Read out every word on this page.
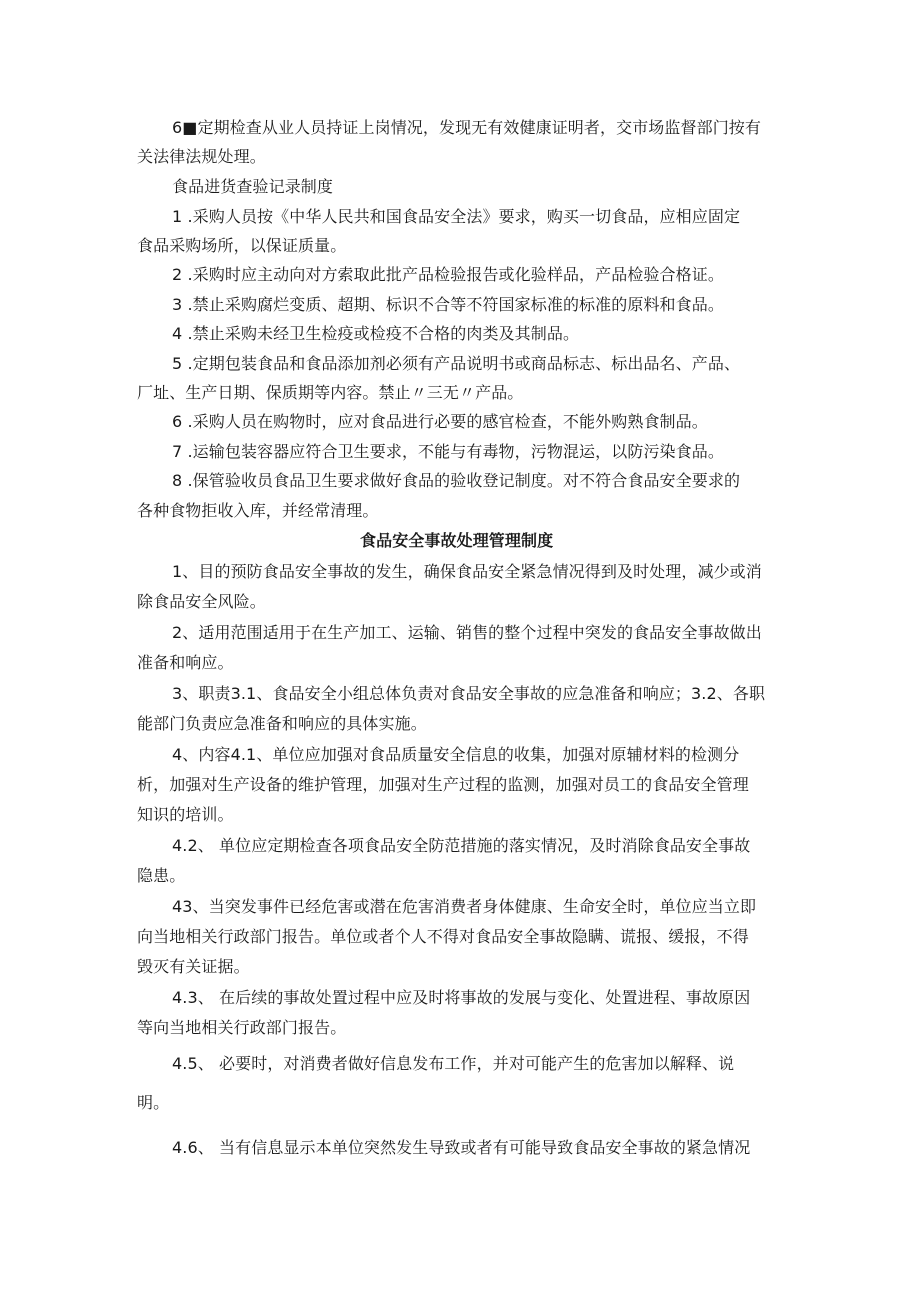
6■定期检查从业人员持证上岗情况，发现无有效健康证明者，交市场监督部门按有
关法律法规处理。
食品进货查验记录制度
1 .采购人员按《中华人民共和国食品安全法》要求，购买一切食品，应相应固定
食品采购场所，以保证质量。
2 .采购时应主动向对方索取此批产品检验报告或化验样品，产品检验合格证。
3 .禁止采购腐烂变质、超期、标识不合等不符国家标准的标准的原料和食品。
4 .禁止采购未经卫生检疫或检疫不合格的肉类及其制品。
5 .定期包装食品和食品添加剂必须有产品说明书或商品标志、标出品名、产品、
厂址、生产日期、保质期等内容。禁止〃三无〃产品。
6 .采购人员在购物时，应对食品进行必要的感官检查，不能外购熟食制品。
7 .运输包装容器应符合卫生要求，不能与有毒物，污物混运，以防污染食品。
8 .保管验收员食品卫生要求做好食品的验收登记制度。对不符合食品安全要求的
各种食物拒收入库，并经常清理。
食品安全事故处理管理制度
1、目的预防食品安全事故的发生，确保食品安全紧急情况得到及时处理，减少或消
除食品安全风险。
2、适用范围适用于在生产加工、运输、销售的整个过程中突发的食品安全事故做出
准备和响应。
3、职责3.1、食品安全小组总体负责对食品安全事故的应急准备和响应；3.2、各职
能部门负责应急准备和响应的具体实施。
4、内容4.1、单位应加强对食品质量安全信息的收集，加强对原辅材料的检测分
析，加强对生产设备的维护管理，加强对生产过程的监测，加强对员工的食品安全管理
知识的培训。
4.2、 单位应定期检查各项食品安全防范措施的落实情况，及时消除食品安全事故
隐患。
43、当突发事件已经危害或潜在危害消费者身体健康、生命安全时，单位应当立即
向当地相关行政部门报告。单位或者个人不得对食品安全事故隐瞒、谎报、缓报，不得
毁灭有关证据。
4.3、 在后续的事故处置过程中应及时将事故的发展与变化、处置进程、事故原因
等向当地相关行政部门报告。
4.5、 必要时，对消费者做好信息发布工作，并对可能产生的危害加以解释、说
明。
4.6、 当有信息显示本单位突然发生导致或者有可能导致食品安全事故的紧急情况
